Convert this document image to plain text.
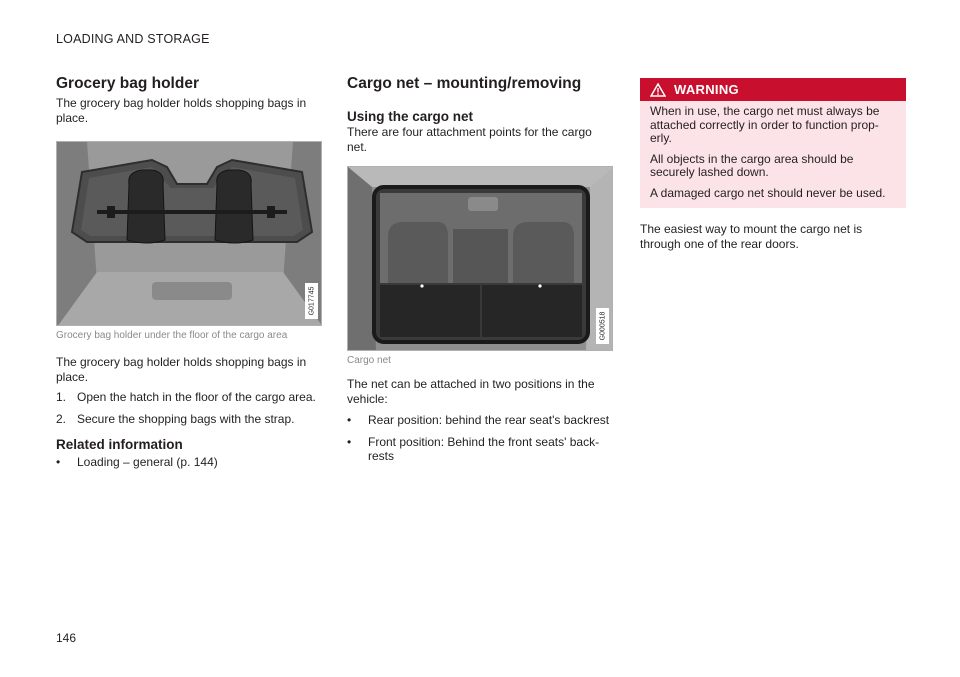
LOADING AND STORAGE
Grocery bag holder

The grocery bag holder holds shopping bags in place.

G017745

Grocery bag holder under the floor of the cargo area

The grocery bag holder holds shopping bags in place.

1. Open the hatch in the floor of the cargo area.
2. Secure the shopping bags with the strap.
Related information
•	Loading – general (p. 144)
Cargo net – mounting/removing
Using the cargo net

There are four attachment points for the cargo net.

G000518

Cargo net

The net can be attached in two positions in the vehicle:

•	Rear position: behind the rear seat's backrest
•	Front position: Behind the front seats' back-rests
WARNING

When in use, the cargo net must always be attached correctly in order to function prop-erly.

All objects in the cargo area should be securely lashed down.

A damaged cargo net should never be used.

The easiest way to mount the cargo net is through one of the rear doors.

146
